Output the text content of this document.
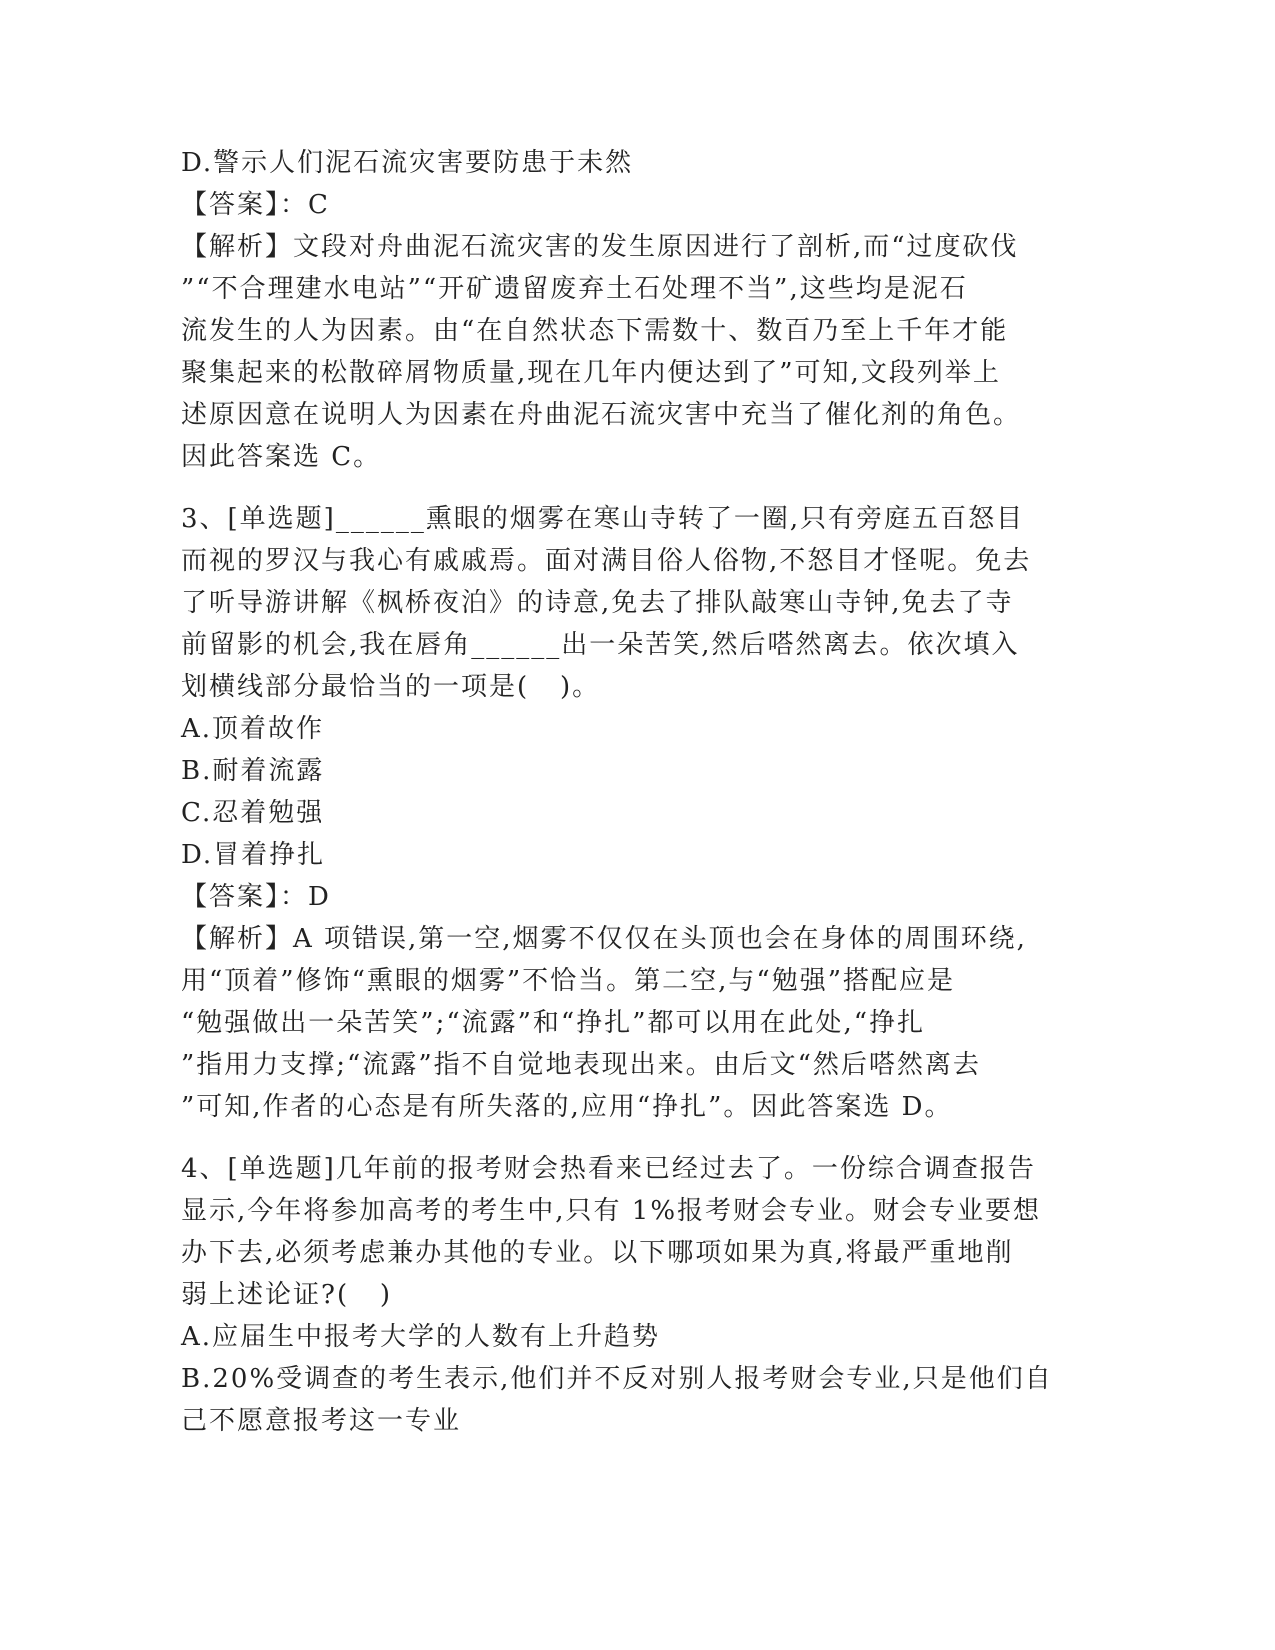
D.警示人们泥石流灾害要防患于未然
【答案】：C
【解析】文段对舟曲泥石流灾害的发生原因进行了剖析,而“过度砍伐
”“不合理建水电站”“开矿遗留废弃土石处理不当”,这些均是泥石
流发生的人为因素。由“在自然状态下需数十、数百乃至上千年才能
聚集起来的松散碎屑物质量,现在几年内便达到了”可知,文段列举上
述原因意在说明人为因素在舟曲泥石流灾害中充当了催化剂的角色。
因此答案选 C。
3、[单选题]______熏眼的烟雾在寒山寺转了一圈,只有旁庭五百怒目
而视的罗汉与我心有戚戚焉。面对满目俗人俗物,不怒目才怪呢。免去
了听导游讲解《枫桥夜泊》的诗意,免去了排队敲寒山寺钟,免去了寺
前留影的机会,我在唇角______出一朵苦笑,然后嗒然离去。依次填入
划横线部分最恰当的一项是(   )。
A.顶着故作
B.耐着流露
C.忍着勉强
D.冒着挣扎
【答案】：D
【解析】A 项错误,第一空,烟雾不仅仅在头顶也会在身体的周围环绕,
用“顶着”修饰“熏眼的烟雾”不恰当。第二空,与“勉强”搭配应是
“勉强做出一朵苦笑”;“流露”和“挣扎”都可以用在此处,“挣扎
”指用力支撑;“流露”指不自觉地表现出来。由后文“然后嗒然离去
”可知,作者的心态是有所失落的,应用“挣扎”。因此答案选 D。
4、[单选题]几年前的报考财会热看来已经过去了。一份综合调查报告
显示,今年将参加高考的考生中,只有 1%报考财会专业。财会专业要想
办下去,必须考虑兼办其他的专业。以下哪项如果为真,将最严重地削
弱上述论证?(   )
A.应届生中报考大学的人数有上升趋势
B.20%受调查的考生表示,他们并不反对别人报考财会专业,只是他们自
己不愿意报考这一专业
